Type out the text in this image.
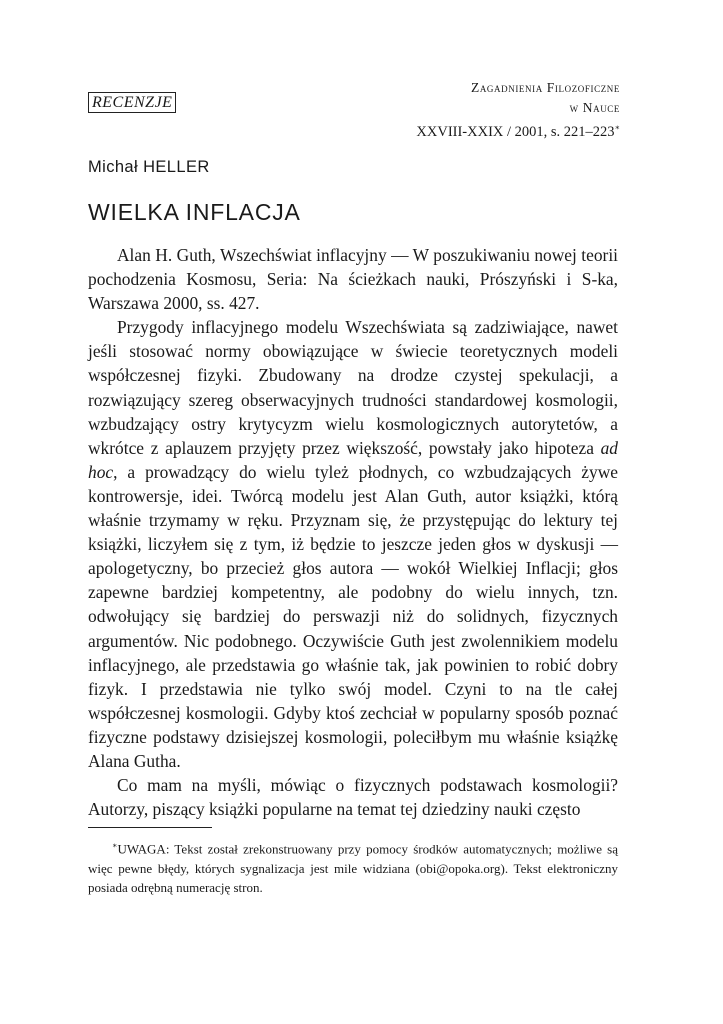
Zagadnienia Filozoficzne
w Nauce
XXVIII-XXIX / 2001, s. 221–223∗
RECENZJE
Michał HELLER
WIELKA INFLACJA

Alan H. Guth, Wszechświat inflacyjny — W poszukiwaniu nowej teorii pochodzenia Kosmosu, Seria: Na ścieżkach nauki, Prószyński i S-ka, Warszawa 2000, ss. 427.

Przygody inflacyjnego modelu Wszechświata są zadziwiające, nawet jeśli stosować normy obowiązujące w świecie teoretycznych modeli współczesnej fizyki. Zbudowany na drodze czystej spekulacji, a rozwiązujący szereg obserwacyjnych trudności standardowej kosmologii, wzbudzający ostry krytycyzm wielu kosmologicznych autorytetów, a wkrótce z aplauzem przyjęty przez większość, powstały jako hipoteza ad hoc, a prowadzący do wielu tyleż płodnych, co wzbudzających żywe kontrowersje, idei. Twórcą modelu jest Alan Guth, autor książki, którą właśnie trzymamy w ręku. Przyznam się, że przystępując do lektury tej książki, liczyłem się z tym, iż będzie to jeszcze jeden głos w dyskusji — apologetyczny, bo przecież głos autora — wokół Wielkiej Inflacji; głos zapewne bardziej kompetentny, ale podobny do wielu innych, tzn. odwołujący się bardziej do perswazji niż do solidnych, fizycznych argumentów. Nic podobnego. Oczywiście Guth jest zwolennikiem modelu inflacyjnego, ale przedstawia go właśnie tak, jak powinien to robić dobry fizyk. I przedstawia nie tylko swój model. Czyni to na tle całej współczesnej kosmologii. Gdyby ktoś zechciał w popularny sposób poznać fizyczne podstawy dzisiejszej kosmologii, poleciłbym mu właśnie książkę Alana Gutha.

Co mam na myśli, mówiąc o fizycznych podstawach kosmologii? Autorzy, piszący książki popularne na temat tej dziedziny nauki często

∗UWAGA: Tekst został zrekonstruowany przy pomocy środków automatycznych; możliwe są więc pewne błędy, których sygnalizacja jest mile widziana (obi@opoka.org). Tekst elektroniczny posiada odrębną numerację stron.
